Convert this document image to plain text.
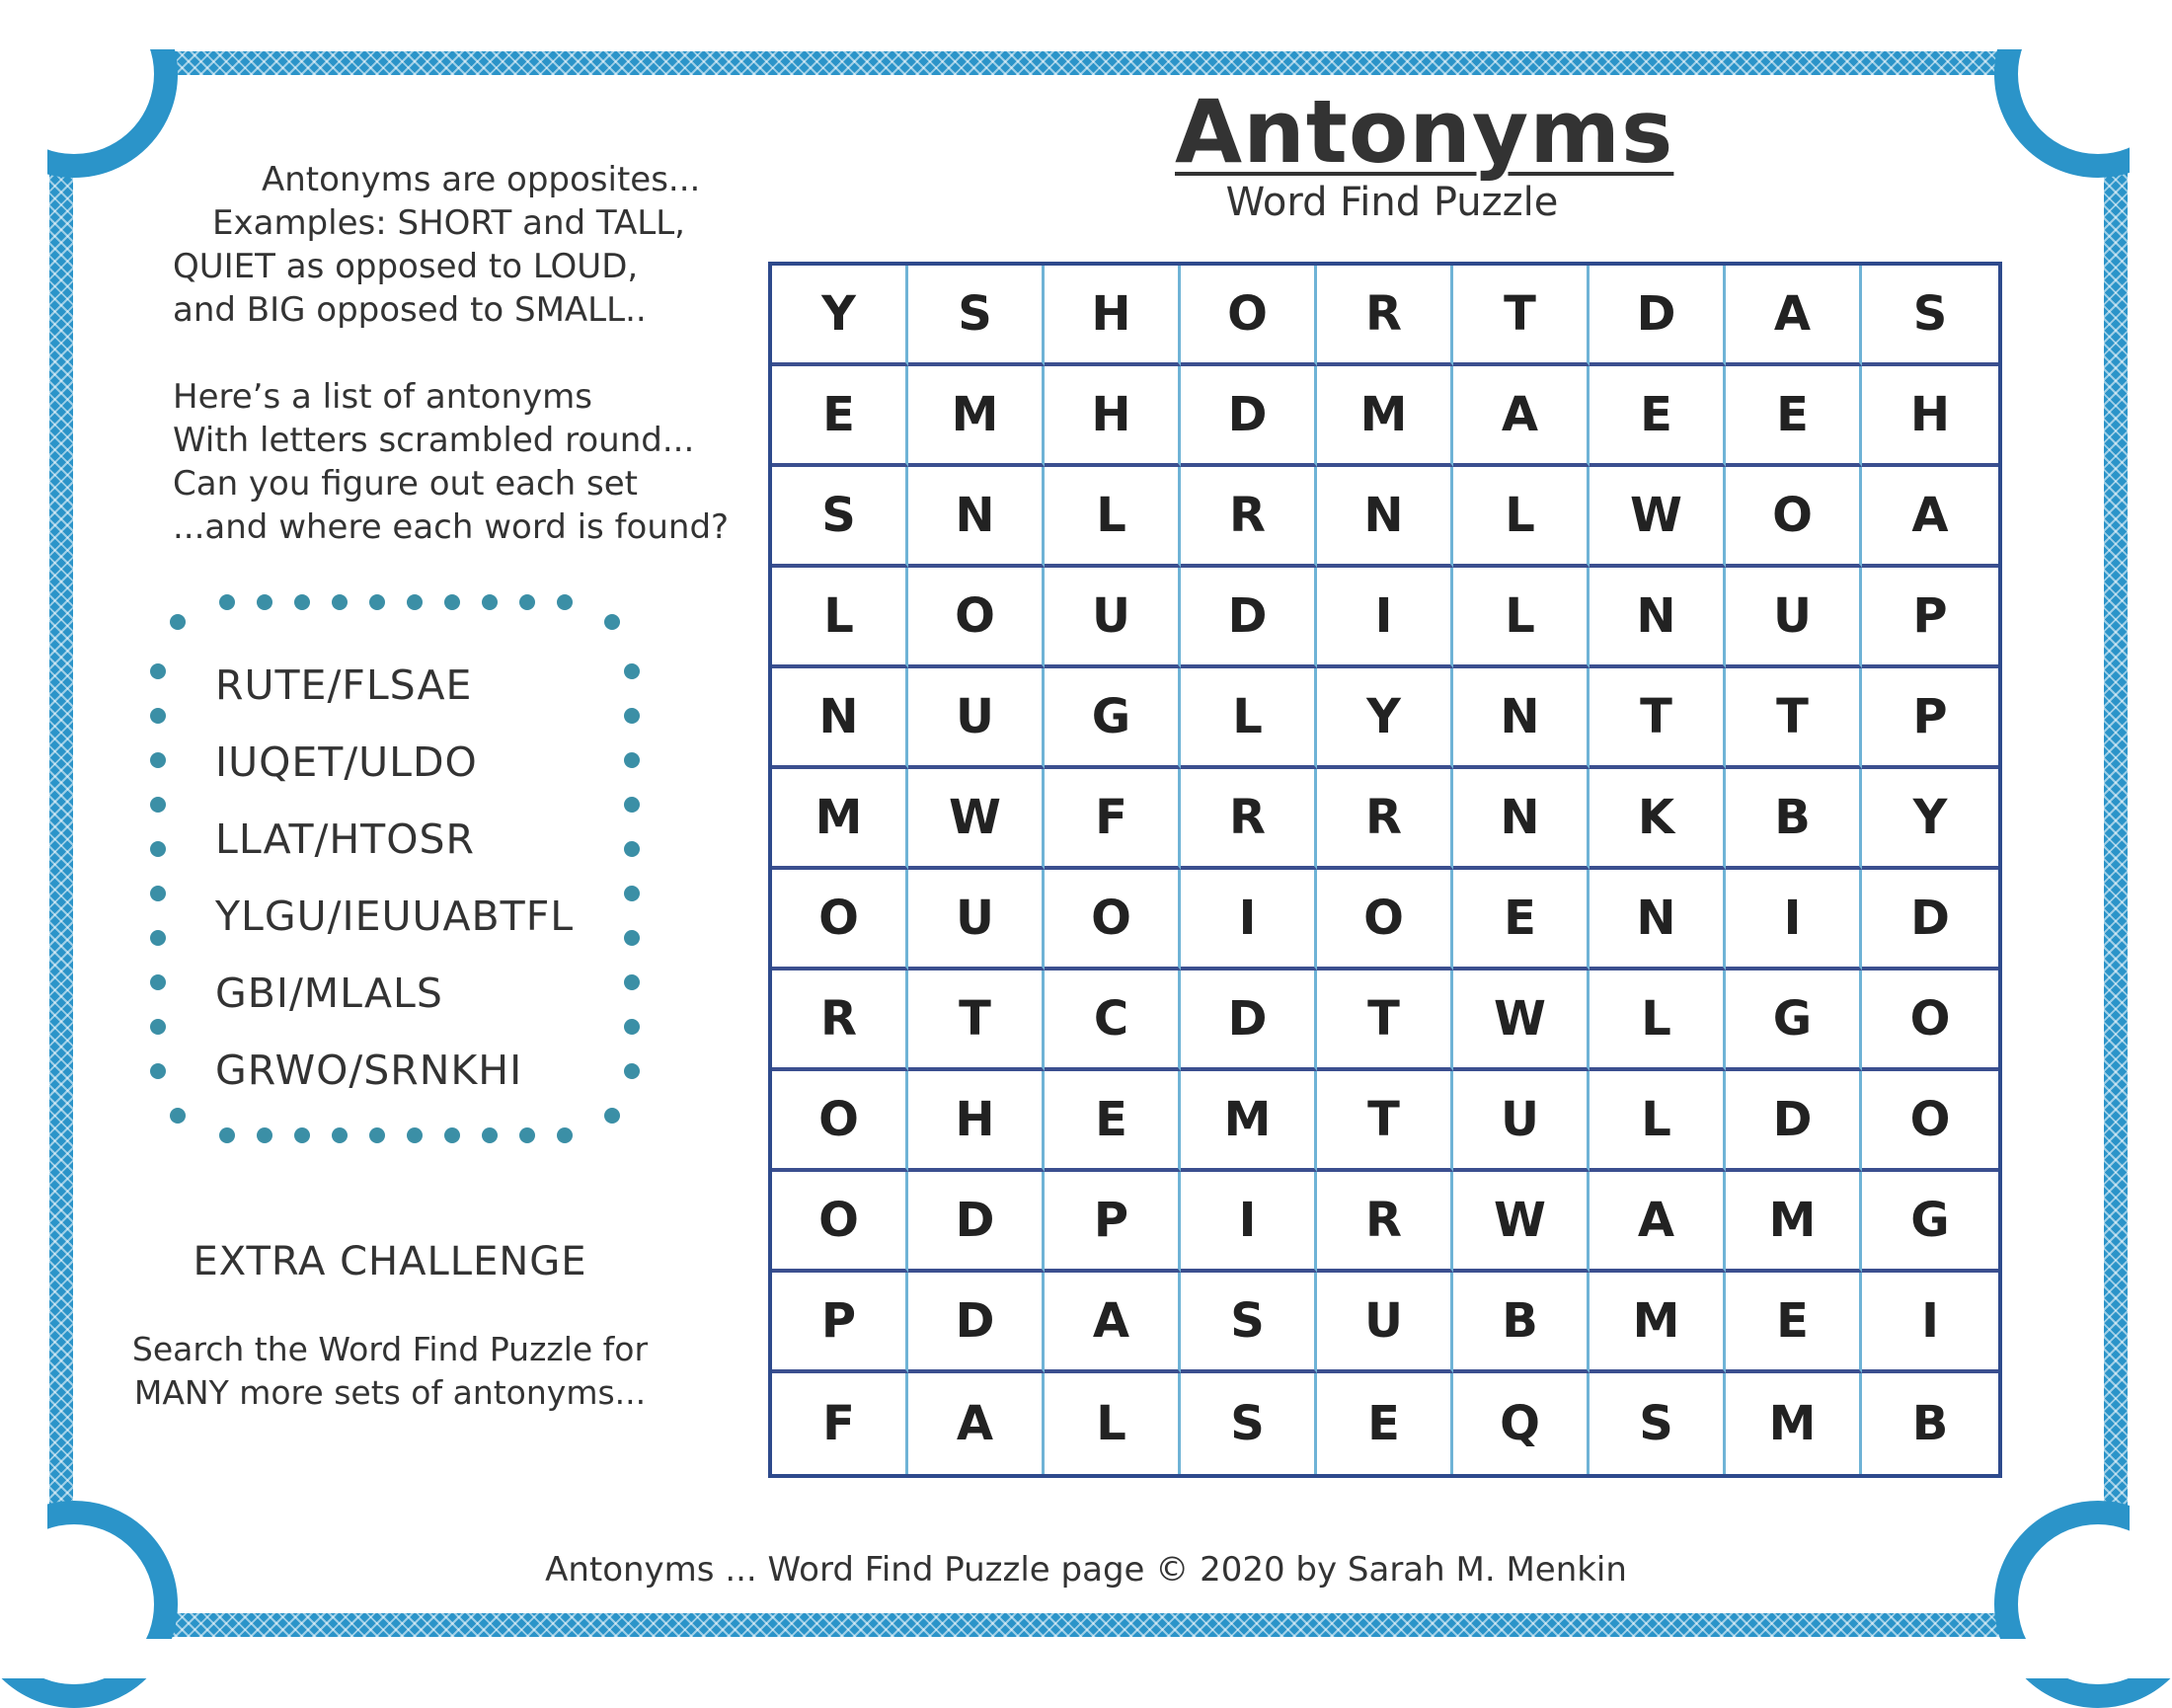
Antonyms
Word Find Puzzle
Antonyms are opposites...
Examples: SHORT and TALL,
QUIET as opposed to LOUD,
and BIG opposed to SMALL..
Here’s a list of antonyms
With letters scrambled round...
Can you figure out each set
...and where each word is found?
RUTE/FLSAE
IUQET/ULDO
LLAT/HTOSR
YLGU/IEUUABTFL
GBI/MLALS
GRWO/SRNKHI
EXTRA CHALLENGE
Search the Word Find Puzzle for
MANY more sets of antonyms...
Y	S	H	O	R	T	D	A	S
E	M	H	D	M	A	E	E	H
S	N	L	R	N	L	W	O	A
L	O	U	D	I	L	N	U	P
N	U	G	L	Y	N	T	T	P
M	W	F	R	R	N	K	B	Y
O	U	O	I	O	E	N	I	D
R	T	C	D	T	W	L	G	O
O	H	E	M	T	U	L	D	O
O	D	P	I	R	W	A	M	G
P	D	A	S	U	B	M	E	I
F	A	L	S	E	Q	S	M	B
Antonyms ... Word Find Puzzle page © 2020 by Sarah M. Menkin
